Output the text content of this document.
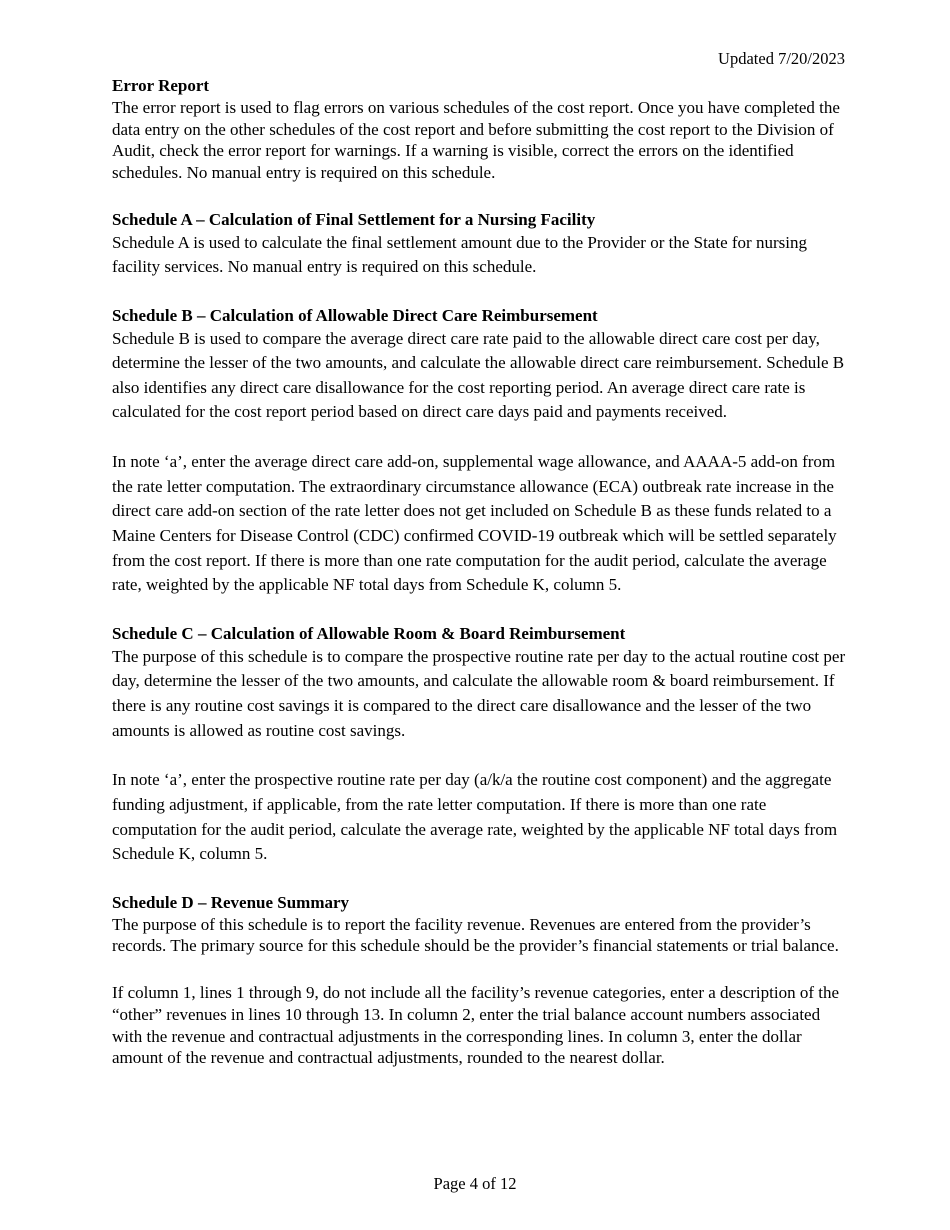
Updated 7/20/2023
Error Report

The error report is used to flag errors on various schedules of the cost report. Once you have completed the data entry on the other schedules of the cost report and before submitting the cost report to the Division of Audit, check the error report for warnings. If a warning is visible, correct the errors on the identified schedules. No manual entry is required on this schedule.

Schedule A – Calculation of Final Settlement for a Nursing Facility

Schedule A is used to calculate the final settlement amount due to the Provider or the State for nursing facility services. No manual entry is required on this schedule.

Schedule B – Calculation of Allowable Direct Care Reimbursement

Schedule B is used to compare the average direct care rate paid to the allowable direct care cost per day, determine the lesser of the two amounts, and calculate the allowable direct care reimbursement. Schedule B also identifies any direct care disallowance for the cost reporting period. An average direct care rate is calculated for the cost report period based on direct care days paid and payments received.

In note ‘a’, enter the average direct care add-on, supplemental wage allowance, and AAAA-5 add-on from the rate letter computation. The extraordinary circumstance allowance (ECA) outbreak rate increase in the direct care add-on section of the rate letter does not get included on Schedule B as these funds related to a Maine Centers for Disease Control (CDC) confirmed COVID-19 outbreak which will be settled separately from the cost report. If there is more than one rate computation for the audit period, calculate the average rate, weighted by the applicable NF total days from Schedule K, column 5.

Schedule C – Calculation of Allowable Room & Board Reimbursement

The purpose of this schedule is to compare the prospective routine rate per day to the actual routine cost per day, determine the lesser of the two amounts, and calculate the allowable room & board reimbursement. If there is any routine cost savings it is compared to the direct care disallowance and the lesser of the two amounts is allowed as routine cost savings.

In note ‘a’, enter the prospective routine rate per day (a/k/a the routine cost component) and the aggregate funding adjustment, if applicable, from the rate letter computation. If there is more than one rate computation for the audit period, calculate the average rate, weighted by the applicable NF total days from Schedule K, column 5.

Schedule D – Revenue Summary

The purpose of this schedule is to report the facility revenue. Revenues are entered from the provider’s records. The primary source for this schedule should be the provider’s financial statements or trial balance.

If column 1, lines 1 through 9, do not include all the facility’s revenue categories, enter a description of the “other” revenues in lines 10 through 13. In column 2, enter the trial balance account numbers associated with the revenue and contractual adjustments in the corresponding lines. In column 3, enter the dollar amount of the revenue and contractual adjustments, rounded to the nearest dollar.

Page 4 of 12
